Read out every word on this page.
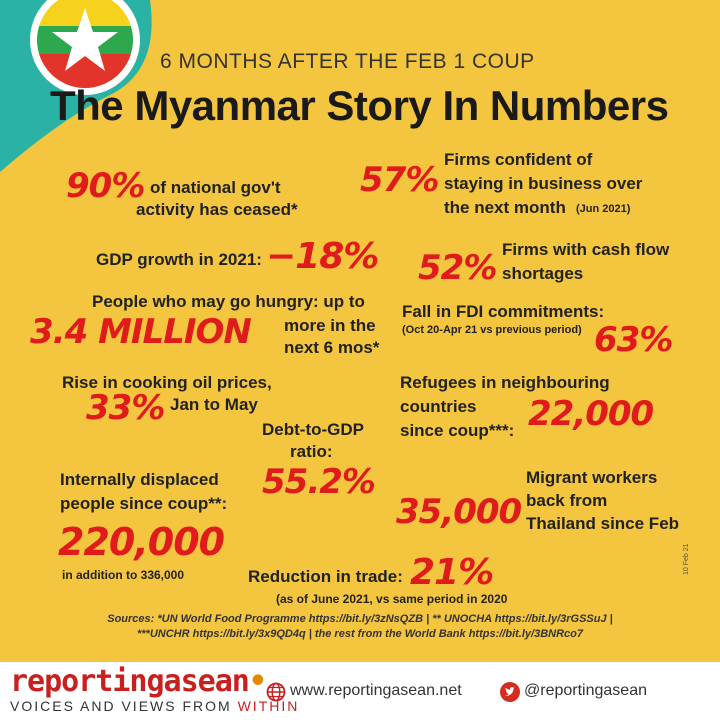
6 MONTHS AFTER THE FEB 1 COUP
The Myanmar Story In Numbers
90% of national gov't
activity has ceased*
57%
Firms confident of
staying in business over
the next month (Jun 2021)
GDP growth in 2021: −18% 52% Firms with cash flow
shortages
People who may go hungry: up to
3.4 MILLION more in the
next 6 mos*
Fall in FDI commitments:
(Oct 20-Apr 21 vs previous period) 63%
Rise in cooking oil prices,
33% Jan to May
Refugees in neighbouring
countries
since coup***: 22,000
Debt-to-GDP
ratio:
55.2%
Internally displaced
people since coup**:
220,000
in addition to 336,000
35,000
Migrant workers
back from
Thailand since Feb
Reduction in trade: 21%
(as of June 2021, vs same period in 2020
10 Feb 21
Sources: *UN World Food Programme https://bit.ly/3zNsQZB | ** UNOCHA https://bit.ly/3rGSSuJ |
***UNCHR https://bit.ly/3x9QD4q | the rest from the World Bank https://bit.ly/3BNRco7
reportingasean•
VOICES AND VIEWS FROM WITHIN
www.reportingasean.net	@reportingasean
